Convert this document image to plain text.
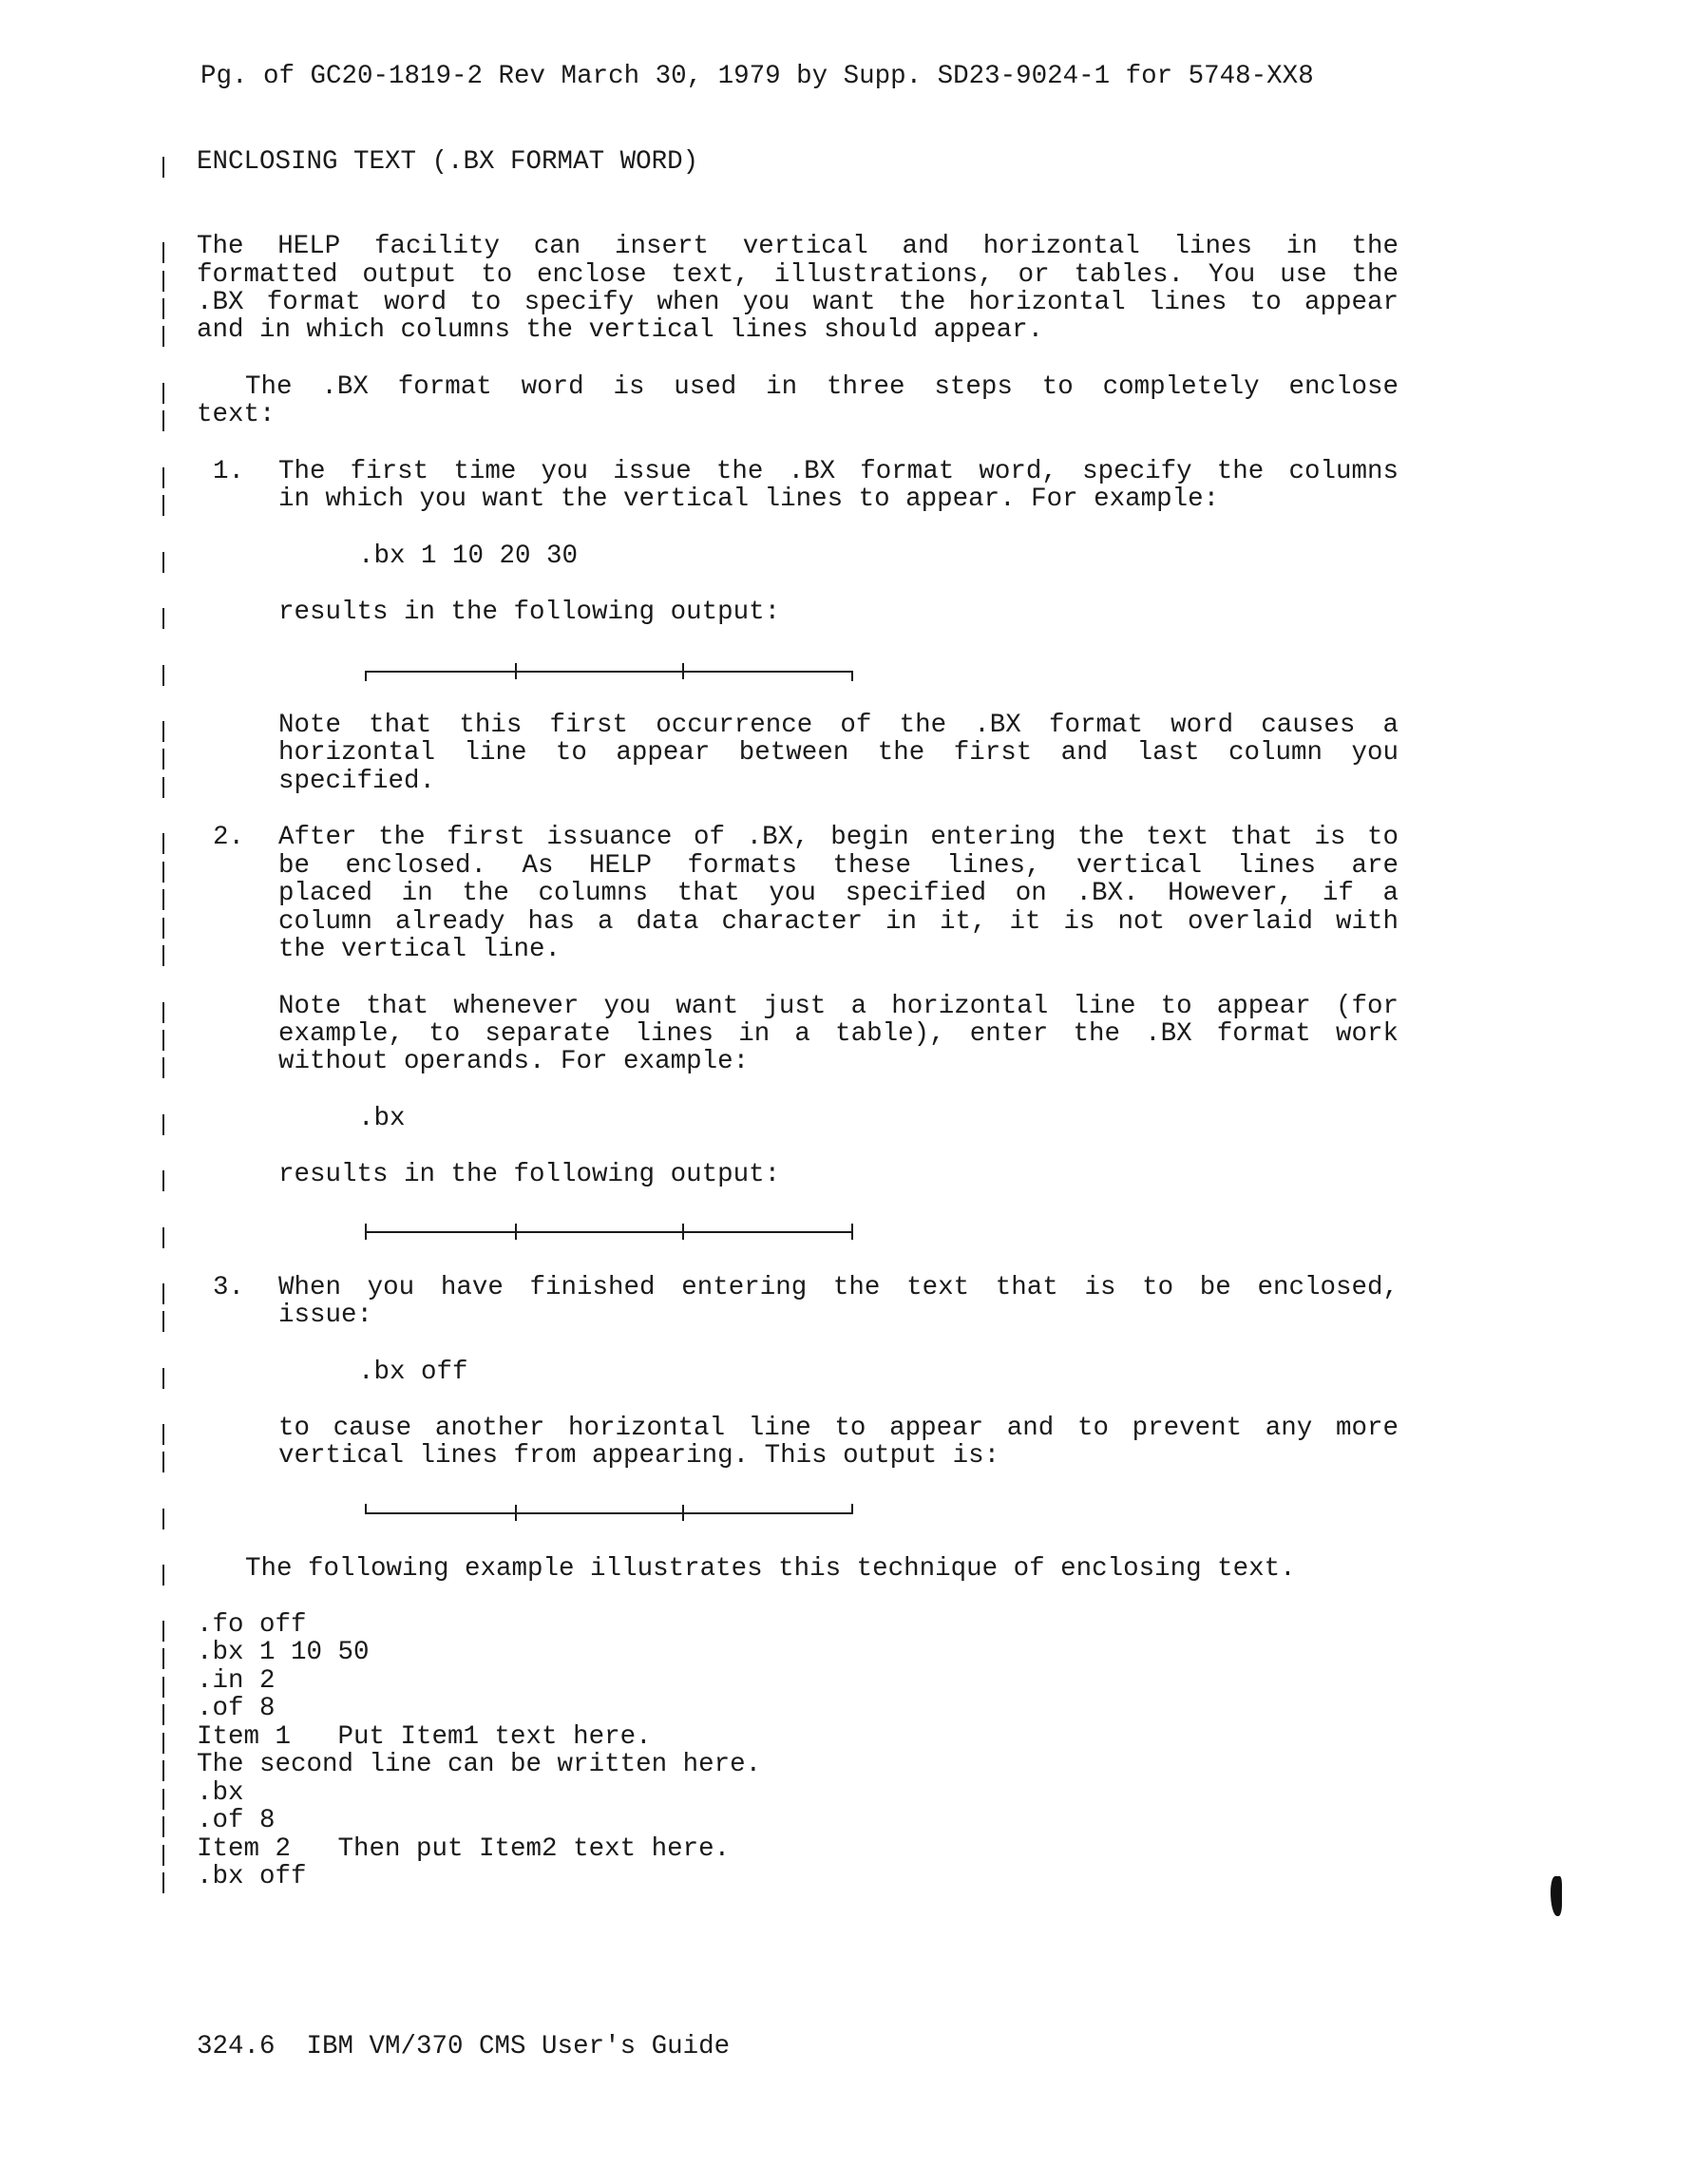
Pg. of GC20-1819-2 Rev March 30, 1979 by Supp. SD23-9024-1 for 5748-XX8
ENCLOSING TEXT (.BX FORMAT WORD)
The HELP facility can insert vertical and horizontal lines in the
formatted output to enclose text, illustrations, or tables. You use the
.BX format word to specify when you want the horizontal lines to appear
and in which columns the vertical lines should appear.
The .BX format word is used in three steps to completely enclose
text:
1. The first time you issue the .BX format word, specify the columns
in which you want the vertical lines to appear. For example:
.bx 1 10 20 30
results in the following output:
Note that this first occurrence of the .BX format word causes a
horizontal line to appear between the first and last column you
specified.
2. After the first issuance of .BX, begin entering the text that is to
be enclosed. As HELP formats these lines, vertical lines are
placed in the columns that you specified on .BX. However, if a
column already has a data character in it, it is not overlaid with
the vertical line.
Note that whenever you want just a horizontal line to appear (for
example, to separate lines in a table), enter the .BX format work
without operands. For example:
.bx
results in the following output:
3. When you have finished entering the text that is to be enclosed,
issue:
.bx off
to cause another horizontal line to appear and to prevent any more
vertical lines from appearing. This output is:
The following example illustrates this technique of enclosing text.
.fo off
.bx 1 10 50
.in 2
.of 8
Item 1   Put Item1 text here.
The second line can be written here.
.bx
.of 8
Item 2   Then put Item2 text here.
.bx off
324.6  IBM VM/370 CMS User's Guide
